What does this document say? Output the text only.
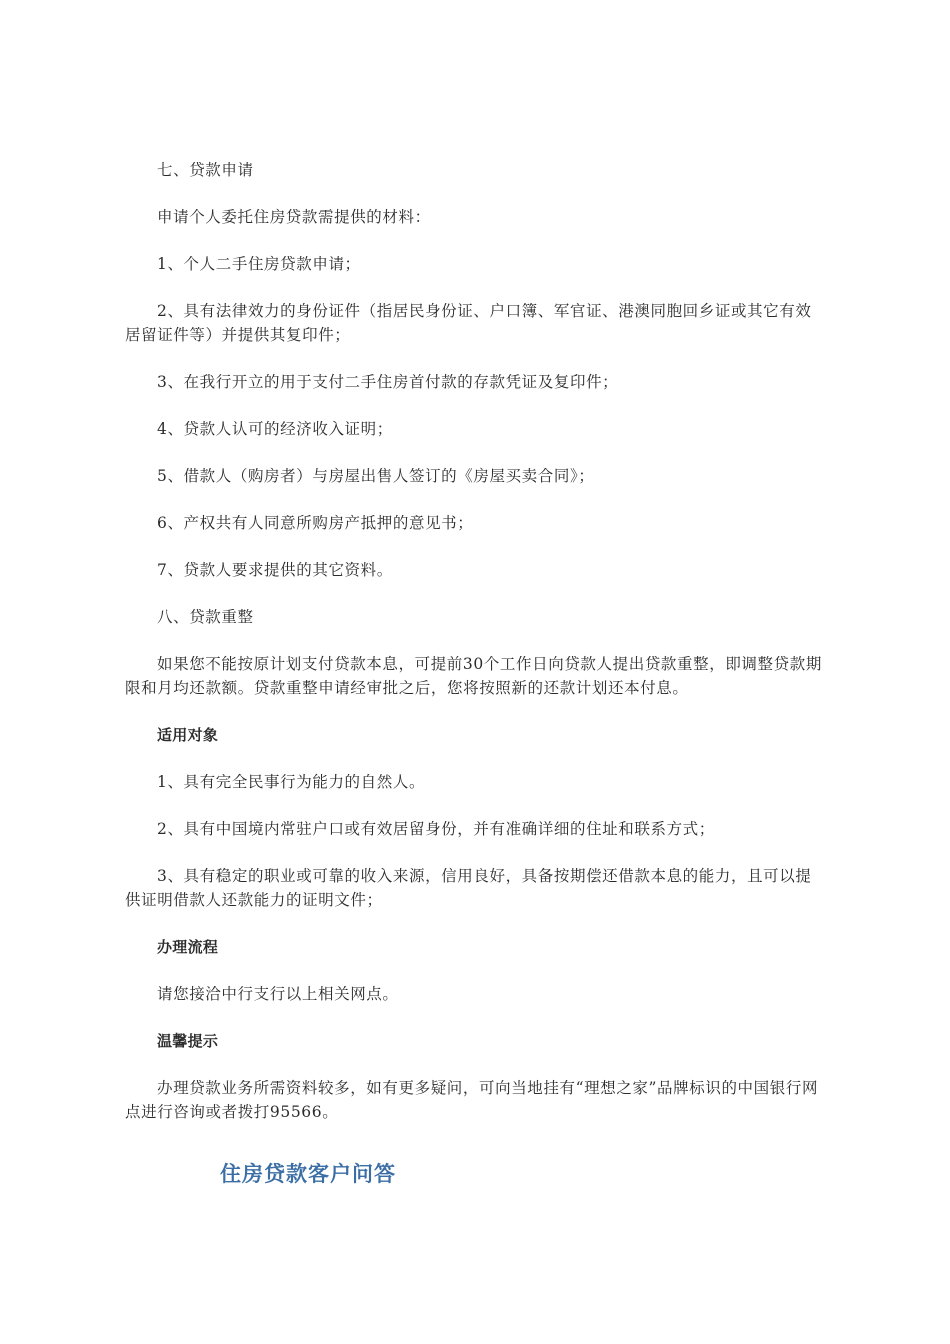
七、贷款申请

申请个人委托住房贷款需提供的材料：

1、个人二手住房贷款申请；

2、具有法律效力的身份证件（指居民身份证、户口簿、军官证、港澳同胞回乡证或其它有效居留证件等）并提供其复印件；

3、在我行开立的用于支付二手住房首付款的存款凭证及复印件；

4、贷款人认可的经济收入证明；

5、借款人（购房者）与房屋出售人签订的《房屋买卖合同》；

6、产权共有人同意所购房产抵押的意见书；

7、贷款人要求提供的其它资料。

八、贷款重整

如果您不能按原计划支付贷款本息，可提前30个工作日向贷款人提出贷款重整，即调整贷款期限和月均还款额。贷款重整申请经审批之后，您将按照新的还款计划还本付息。

适用对象

1、具有完全民事行为能力的自然人。

2、具有中国境内常驻户口或有效居留身份，并有准确详细的住址和联系方式；

3、具有稳定的职业或可靠的收入来源，信用良好，具备按期偿还借款本息的能力，且可以提供证明借款人还款能力的证明文件；

办理流程

请您接洽中行支行以上相关网点。

温馨提示

办理贷款业务所需资料较多，如有更多疑问，可向当地挂有“理想之家”品牌标识的中国银行网点进行咨询或者拨打95566。

住房贷款客户问答
